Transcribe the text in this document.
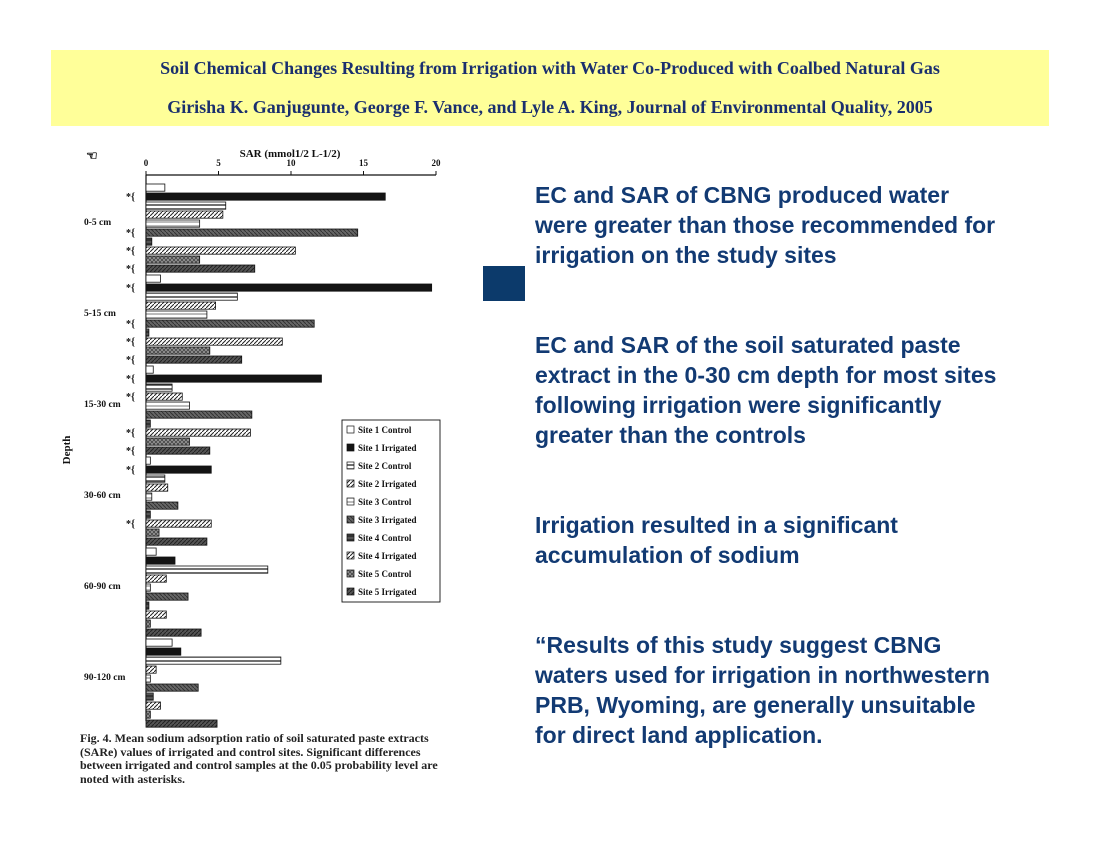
Soil Chemical Changes Resulting from Irrigation with Water Co-Produced with Coalbed Natural Gas
Girisha K. Ganjugunte, George F. Vance, and Lyle A. King, Journal of Environmental Quality, 2005
0	5	10	15	20
SAR (mmol1/2 L-1/2)
Depth
☜
0-5 cm
*{
*{
*{
*{
5-15 cm
*{
*{
*{
*{
15-30 cm
*{
*{
*{
*{
30-60 cm
*{
*{
60-90 cm
90-120 cm
Site 1 Control
Site 1 Irrigated
Site 2 Control
Site 2 Irrigated
Site 3 Control
Site 3 Irrigated
Site 4 Control
Site 4 Irrigated
Site 5 Control
Site 5 Irrigated
Fig. 4. Mean sodium adsorption ratio of soil saturated paste extracts (SARe) values of irrigated and control sites. Significant differences between irrigated and control samples at the 0.05 probability level are noted with asterisks.
EC and SAR of CBNG produced water were greater than those recommended for irrigation on the study sites
EC and SAR of the soil saturated paste extract in the 0-30 cm depth for most sites following irrigation were significantly greater than the controls
Irrigation resulted in a significant accumulation of sodium
“Results of this study suggest CBNG waters used for irrigation in northwestern PRB, Wyoming, are generally unsuitable for direct land application.
